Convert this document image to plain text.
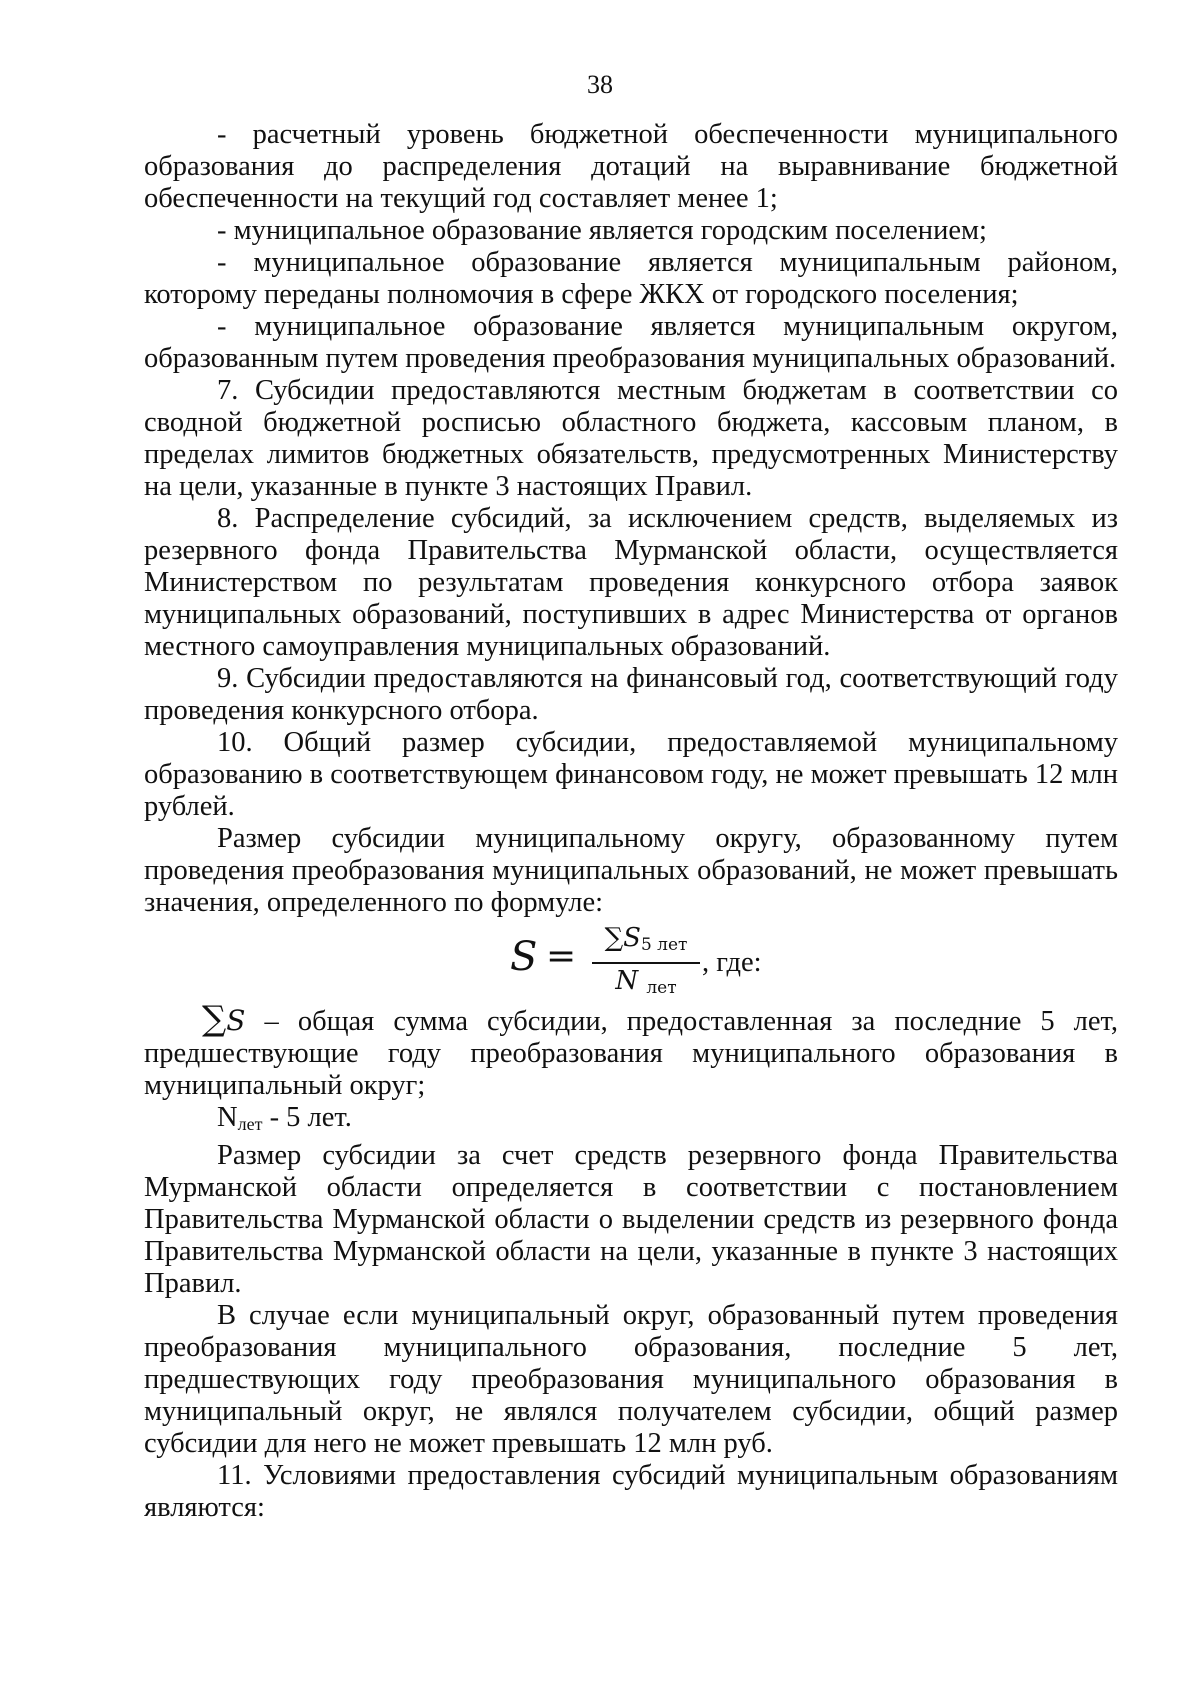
38

- расчетный уровень бюджетной обеспеченности муниципального образования до распределения дотаций на выравнивание бюджетной обеспеченности на текущий год составляет менее 1;

- муниципальное образование является городским поселением;

- муниципальное образование является муниципальным районом, которому переданы полномочия в сфере ЖКХ от городского поселения;

- муниципальное образование является муниципальным округом, образованным путем проведения преобразования муниципальных образований.

7. Субсидии предоставляются местным бюджетам в соответствии со сводной бюджетной росписью областного бюджета, кассовым планом, в пределах лимитов бюджетных обязательств, предусмотренных Министерству на цели, указанные в пункте 3 настоящих Правил.

8. Распределение субсидий, за исключением средств, выделяемых из резервного фонда Правительства Мурманской области, осуществляется Министерством по результатам проведения конкурсного отбора заявок муниципальных образований, поступивших в адрес Министерства от органов местного самоуправления муниципальных образований.

9. Субсидии предоставляются на финансовый год, соответствующий году проведения конкурсного отбора.

10. Общий размер субсидии, предоставляемой муниципальному образованию в соответствующем финансовом году, не может превышать 12 млн рублей.

Размер субсидии муниципальному округу, образованному путем проведения преобразования муниципальных образований, не может превышать значения, определенного по формуле:

S =	$\sum S_{5 лет}$
N $_{лет}$
, где:

∑S – общая сумма субсидии, предоставленная за последние 5 лет, предшествующие году преобразования муниципального образования в муниципальный округ;

Nлет - 5 лет.

Размер субсидии за счет средств резервного фонда Правительства Мурманской области определяется в соответствии с постановлением Правительства Мурманской области о выделении средств из резервного фонда Правительства Мурманской области на цели, указанные в пункте 3 настоящих Правил.

В случае если муниципальный округ, образованный путем проведения преобразования муниципального образования, последние 5 лет, предшествующих году преобразования муниципального образования в муниципальный округ, не являлся получателем субсидии, общий размер субсидии для него не может превышать 12 млн руб.

11. Условиями предоставления субсидий муниципальным образованиям являются:
